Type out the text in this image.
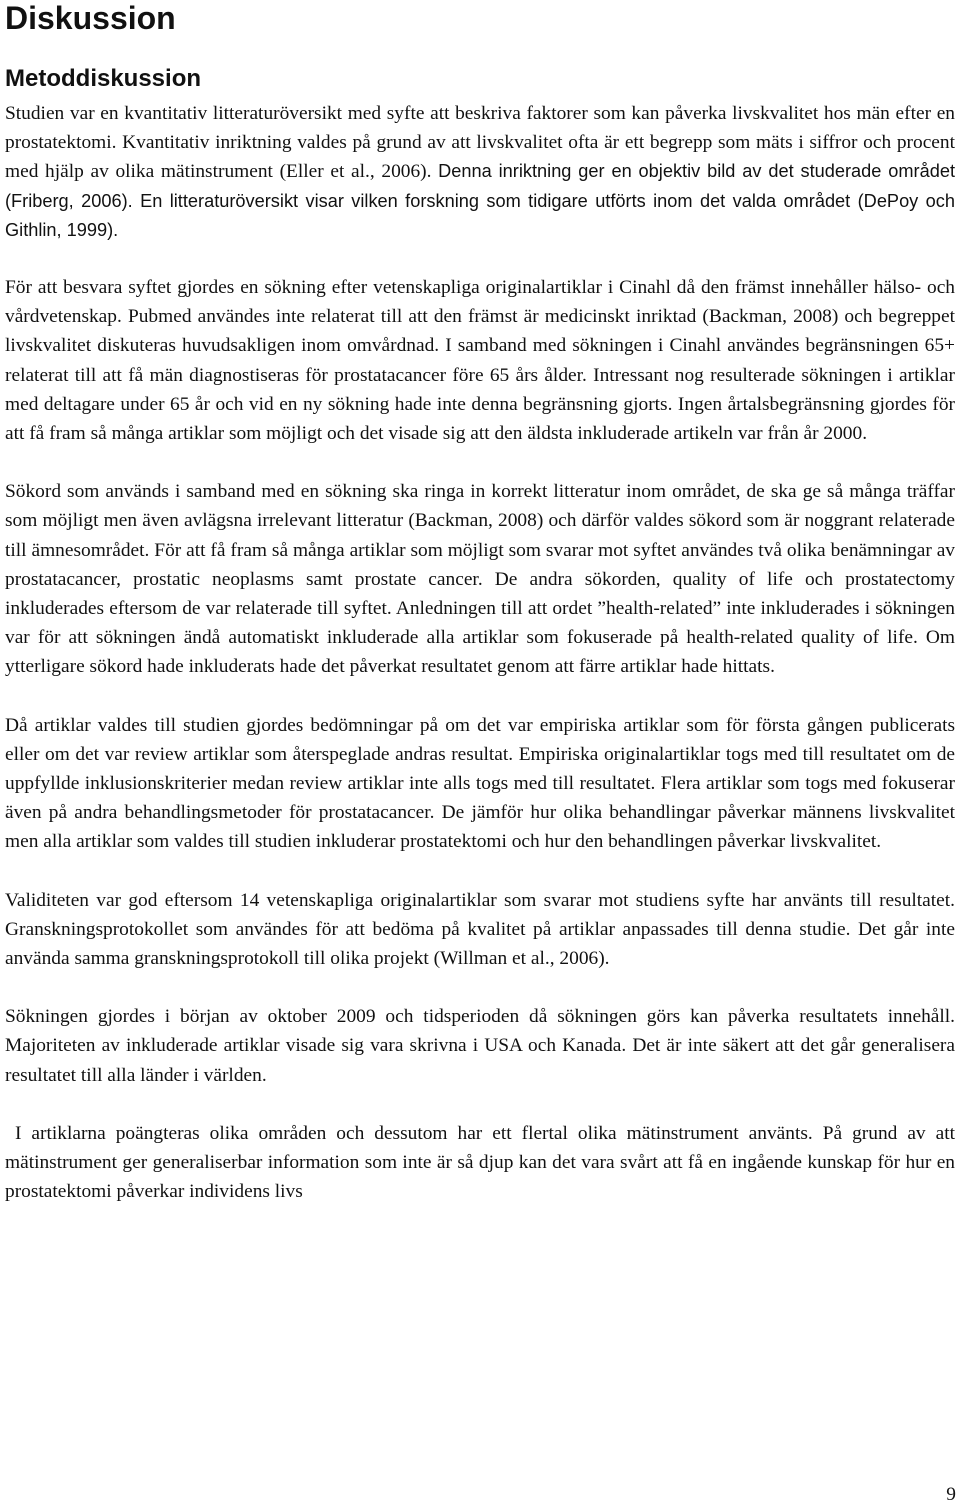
Diskussion
Metoddiskussion

Studien var en kvantitativ litteraturöversikt med syfte att beskriva faktorer som kan påverka livskvalitet hos män efter en prostatektomi. Kvantitativ inriktning valdes på grund av att livskvalitet ofta är ett begrepp som mäts i siffror och procent med hjälp av olika mätinstrument (Eller et al., 2006). Denna inriktning ger en objektiv bild av det studerade området (Friberg, 2006). En litteraturöversikt visar vilken forskning som tidigare utförts inom det valda området (DePoy och Githlin, 1999).

För att besvara syftet gjordes en sökning efter vetenskapliga originalartiklar i Cinahl då den främst innehåller hälso- och vårdvetenskap. Pubmed användes inte relaterat till att den främst är medicinskt inriktad (Backman, 2008) och begreppet livskvalitet diskuteras huvudsakligen inom omvårdnad. I samband med sökningen i Cinahl användes begränsningen 65+ relaterat till att få män diagnostiseras för prostatacancer före 65 års ålder. Intressant nog resulterade sökningen i artiklar med deltagare under 65 år och vid en ny sökning hade inte denna begränsning gjorts. Ingen årtalsbegränsning gjordes för att få fram så många artiklar som möjligt och det visade sig att den äldsta inkluderade artikeln var från år 2000.

Sökord som används i samband med en sökning ska ringa in korrekt litteratur inom området, de ska ge så många träffar som möjligt men även avlägsna irrelevant litteratur (Backman, 2008) och därför valdes sökord som är noggrant relaterade till ämnesområdet. För att få fram så många artiklar som möjligt som svarar mot syftet användes två olika benämningar av prostatacancer, prostatic neoplasms samt prostate cancer. De andra sökorden, quality of life och prostatectomy inkluderades eftersom de var relaterade till syftet. Anledningen till att ordet ”health-related” inte inkluderades i sökningen var för att sökningen ändå automatiskt inkluderade alla artiklar som fokuserade på health-related quality of life. Om ytterligare sökord hade inkluderats hade det påverkat resultatet genom att färre artiklar hade hittats.

Då artiklar valdes till studien gjordes bedömningar på om det var empiriska artiklar som för första gången publicerats eller om det var review artiklar som återspeglade andras resultat. Empiriska originalartiklar togs med till resultatet om de uppfyllde inklusionskriterier medan review artiklar inte alls togs med till resultatet. Flera artiklar som togs med fokuserar även på andra behandlingsmetoder för prostatacancer. De jämför hur olika behandlingar påverkar männens livskvalitet men alla artiklar som valdes till studien inkluderar prostatektomi och hur den behandlingen påverkar livskvalitet.

Validiteten var god eftersom 14 vetenskapliga originalartiklar som svarar mot studiens syfte har använts till resultatet. Granskningsprotokollet som användes för att bedöma på kvalitet på artiklar anpassades till denna studie. Det går inte använda samma granskningsprotokoll till olika projekt (Willman et al., 2006).

Sökningen gjordes i början av oktober 2009 och tidsperioden då sökningen görs kan påverka resultatets innehåll. Majoriteten av inkluderade artiklar visade sig vara skrivna i USA och Kanada. Det är inte säkert att det går generalisera resultatet till alla länder i världen.

I artiklarna poängteras olika områden och dessutom har ett flertal olika mätinstrument använts. På grund av att mätinstrument ger generaliserbar information som inte är så djup kan det vara svårt att få en ingående kunskap för hur en prostatektomi påverkar individens livs

9
